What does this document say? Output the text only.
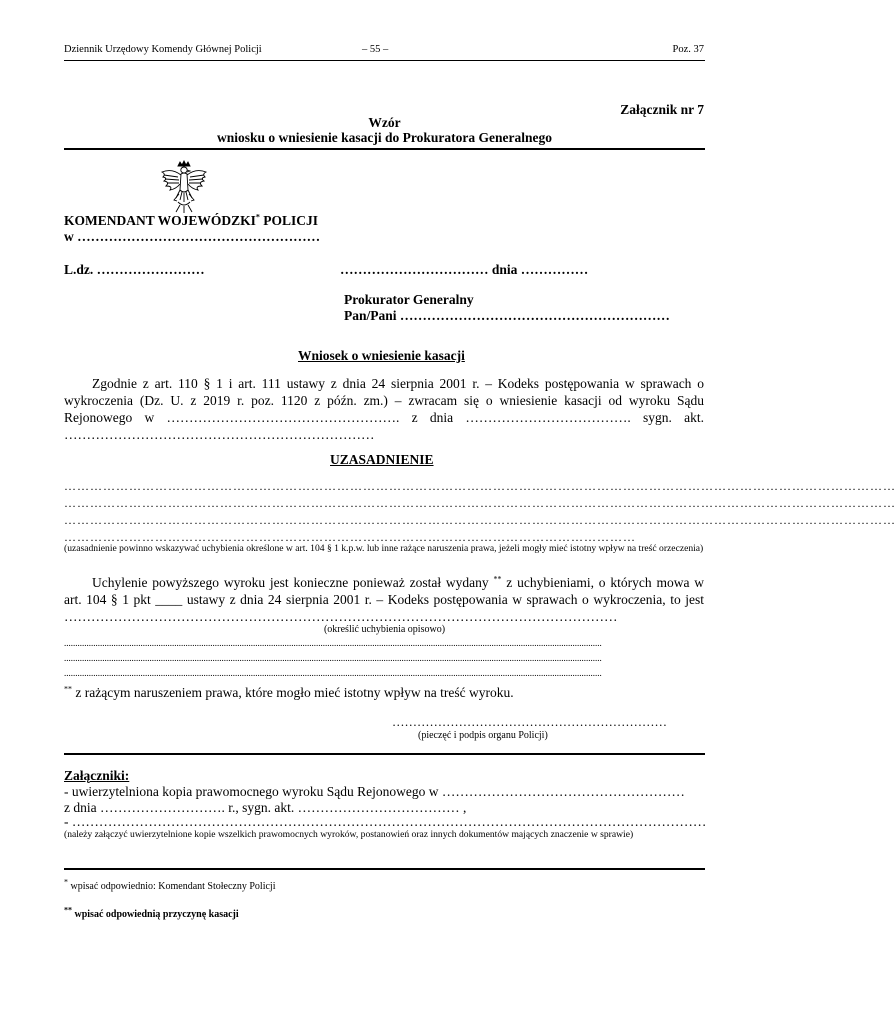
Dziennik Urzędowy Komendy Głównej Policji	– 55 –	Poz. 37
Załącznik nr 7
Wzór
wniosku o wniesienie kasacji do Prokuratora Generalnego
KOMENDANT WOJEWÓDZKI* POLICJI
w ………………………………………………
L.dz. ……………………	…………………………… dnia ……………
Prokurator Generalny
Pan/Pani ……………………………………………………
Wniosek o wniesienie kasacji
Zgodnie z art. 110 § 1 i art. 111 ustawy z dnia 24 sierpnia 2001 r. – Kodeks postępowania w sprawach o wykroczenia (Dz. U. z 2019 r. poz. 1120 z późn. zm.) – zwracam się o wniesienie kasacji od wyroku Sądu Rejonowego w ……………………………………………. z dnia ………………………………. sygn. akt. ……………………………………………………………
UZASADNIENIE
…………………………………………………………………………………………………………………………………………………………………………
…………………………………………………………………………………………………………………………………………………………………………
…………………………………………………………………………………………………………………………………………………………………………
……………………………………………………………………………………………………………………
(uzasadnienie powinno wskazywać uchybienia określone w art. 104 § 1 k.p.w. lub inne rażące naruszenia prawa, jeżeli mogły mieć istotny wpływ na treść orzeczenia)
Uchylenie powyższego wyroku jest konieczne ponieważ został wydany ** z uchybieniami, o których mowa w art. 104 § 1 pkt ____ ustawy z dnia 24 sierpnia 2001 r. – Kodeks postępowania w sprawach o wykroczenia, to jest ……………………………………………………………………………………………………………
(określić uchybienia opisowo)
...............................................................................................................................................................................................................................................
...............................................................................................................................................................................................................................................
...............................................................................................................................................................................................................................................
** z rażącym naruszeniem prawa, które mogło mieć istotny wpływ na treść wyroku.
…………………………………………………………
(pieczęć i podpis organu Policji)
Załączniki:
- uwierzytelniona kopia prawomocnego wyroku Sądu Rejonowego w ………………………………………………
z dnia ………………………. r., sygn. akt. ……………………………… ,
- ……………………………………………………………………………………………………………………………
(należy załączyć uwierzytelnione kopie wszelkich prawomocnych wyroków, postanowień oraz innych dokumentów mających znaczenie w sprawie)
* wpisać odpowiednio: Komendant Stołeczny Policji
** wpisać odpowiednią przyczynę kasacji
